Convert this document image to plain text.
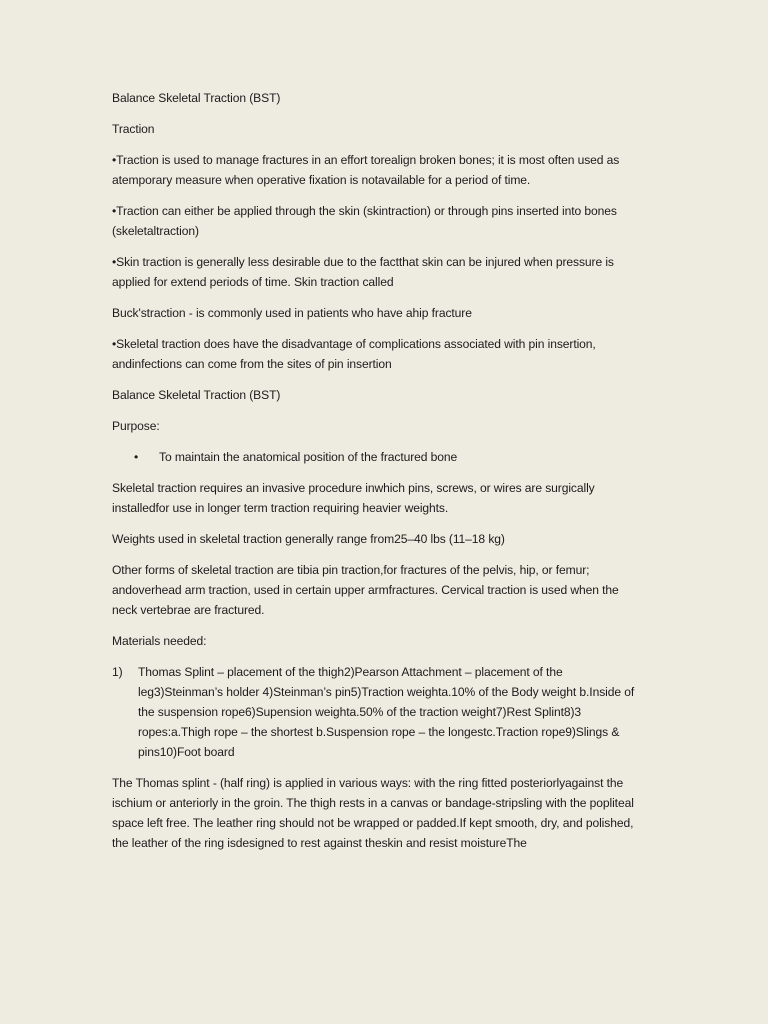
Balance Skeletal Traction (BST)
Traction
•Traction is used to manage fractures in an effort torealign broken bones; it is most often used as
atemporary measure when operative fixation is notavailable for a period of time.
•Traction can either be applied through the skin (skintraction) or through pins inserted into bones
(skeletaltraction)
•Skin traction is generally less desirable due to the factthat skin can be injured when pressure is
applied for extend periods of time. Skin traction called
Buck'straction - is commonly used in patients who have ahip fracture
•Skeletal traction does have the disadvantage of complications associated with pin insertion,
andinfections can come from the sites of pin insertion
Balance Skeletal Traction (BST)
Purpose:
• To maintain the anatomical position of the fractured bone
Skeletal traction requires an invasive procedure inwhich pins, screws, or wires are surgically
installedfor use in longer term traction requiring heavier weights.
Weights used in skeletal traction generally range from25–40 lbs (11–18 kg)
Other forms of skeletal traction are tibia pin traction,for fractures of the pelvis, hip, or femur;
andoverhead arm traction, used in certain upper armfractures. Cervical traction is used when the
neck vertebrae are fractured.
Materials needed:
1) Thomas Splint – placement of the thigh2)Pearson Attachment – placement of the
leg3)Steinman’s holder 4)Steinman’s pin5)Traction weighta.10% of the Body weight b.Inside of
the suspension rope6)Supension weighta.50% of the traction weight7)Rest Splint8)3
ropes:a.Thigh rope – the shortest b.Suspension rope – the longestc.Traction rope9)Slings &
pins10)Foot board
The Thomas splint - (half ring) is applied in various ways: with the ring fitted posteriorlyagainst the
ischium or anteriorly in the groin. The thigh rests in a canvas or bandage-stripsling with the popliteal
space left free. The leather ring should not be wrapped or padded.If kept smooth, dry, and polished,
the leather of the ring isdesigned to rest against theskin and resist moistureThe
